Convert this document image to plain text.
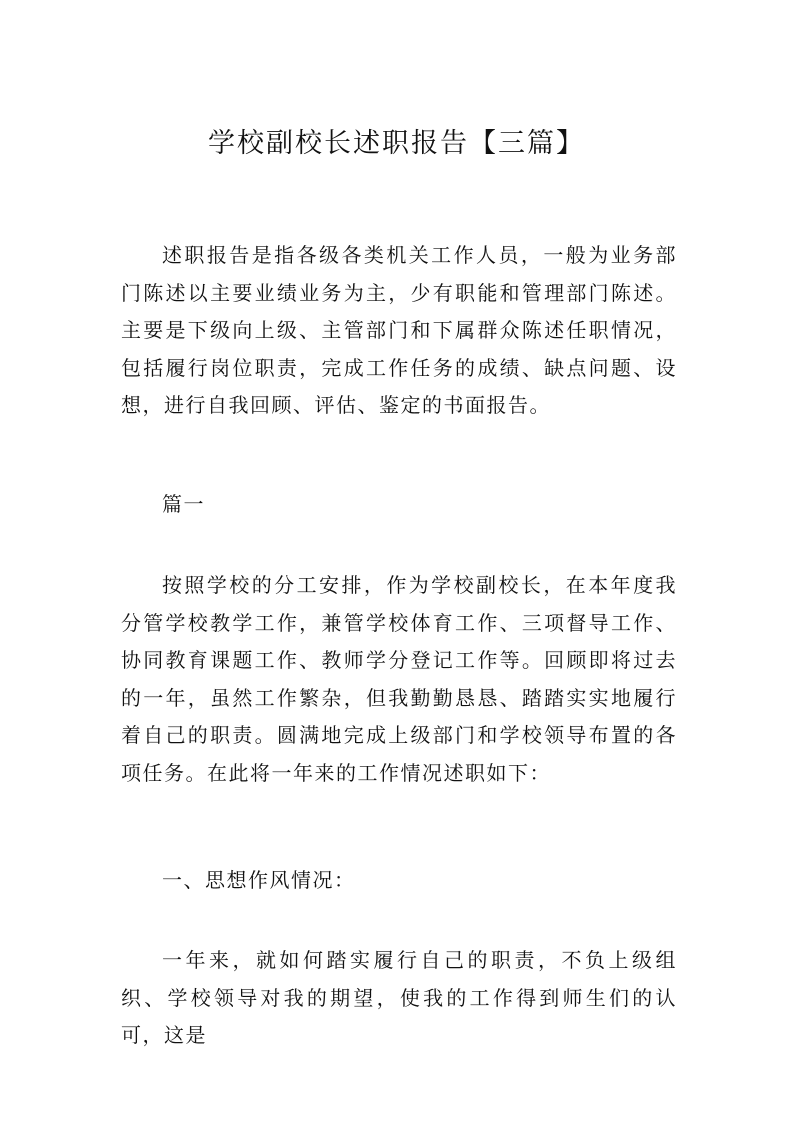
学校副校长述职报告【三篇】

述职报告是指各级各类机关工作人员，一般为业务部门陈述以主要业绩业务为主，少有职能和管理部门陈述。主要是下级向上级、主管部门和下属群众陈述任职情况，包括履行岗位职责，完成工作任务的成绩、缺点问题、设想，进行自我回顾、评估、鉴定的书面报告。

篇一

按照学校的分工安排，作为学校副校长，在本年度我分管学校教学工作，兼管学校体育工作、三项督导工作、协同教育课题工作、教师学分登记工作等。回顾即将过去的一年，虽然工作繁杂，但我勤勤恳恳、踏踏实实地履行着自己的职责。圆满地完成上级部门和学校领导布置的各项任务。在此将一年来的工作情况述职如下：

一、思想作风情况：

一年来，就如何踏实履行自己的职责，不负上级组织、学校领导对我的期望，使我的工作得到师生们的认可，这是
